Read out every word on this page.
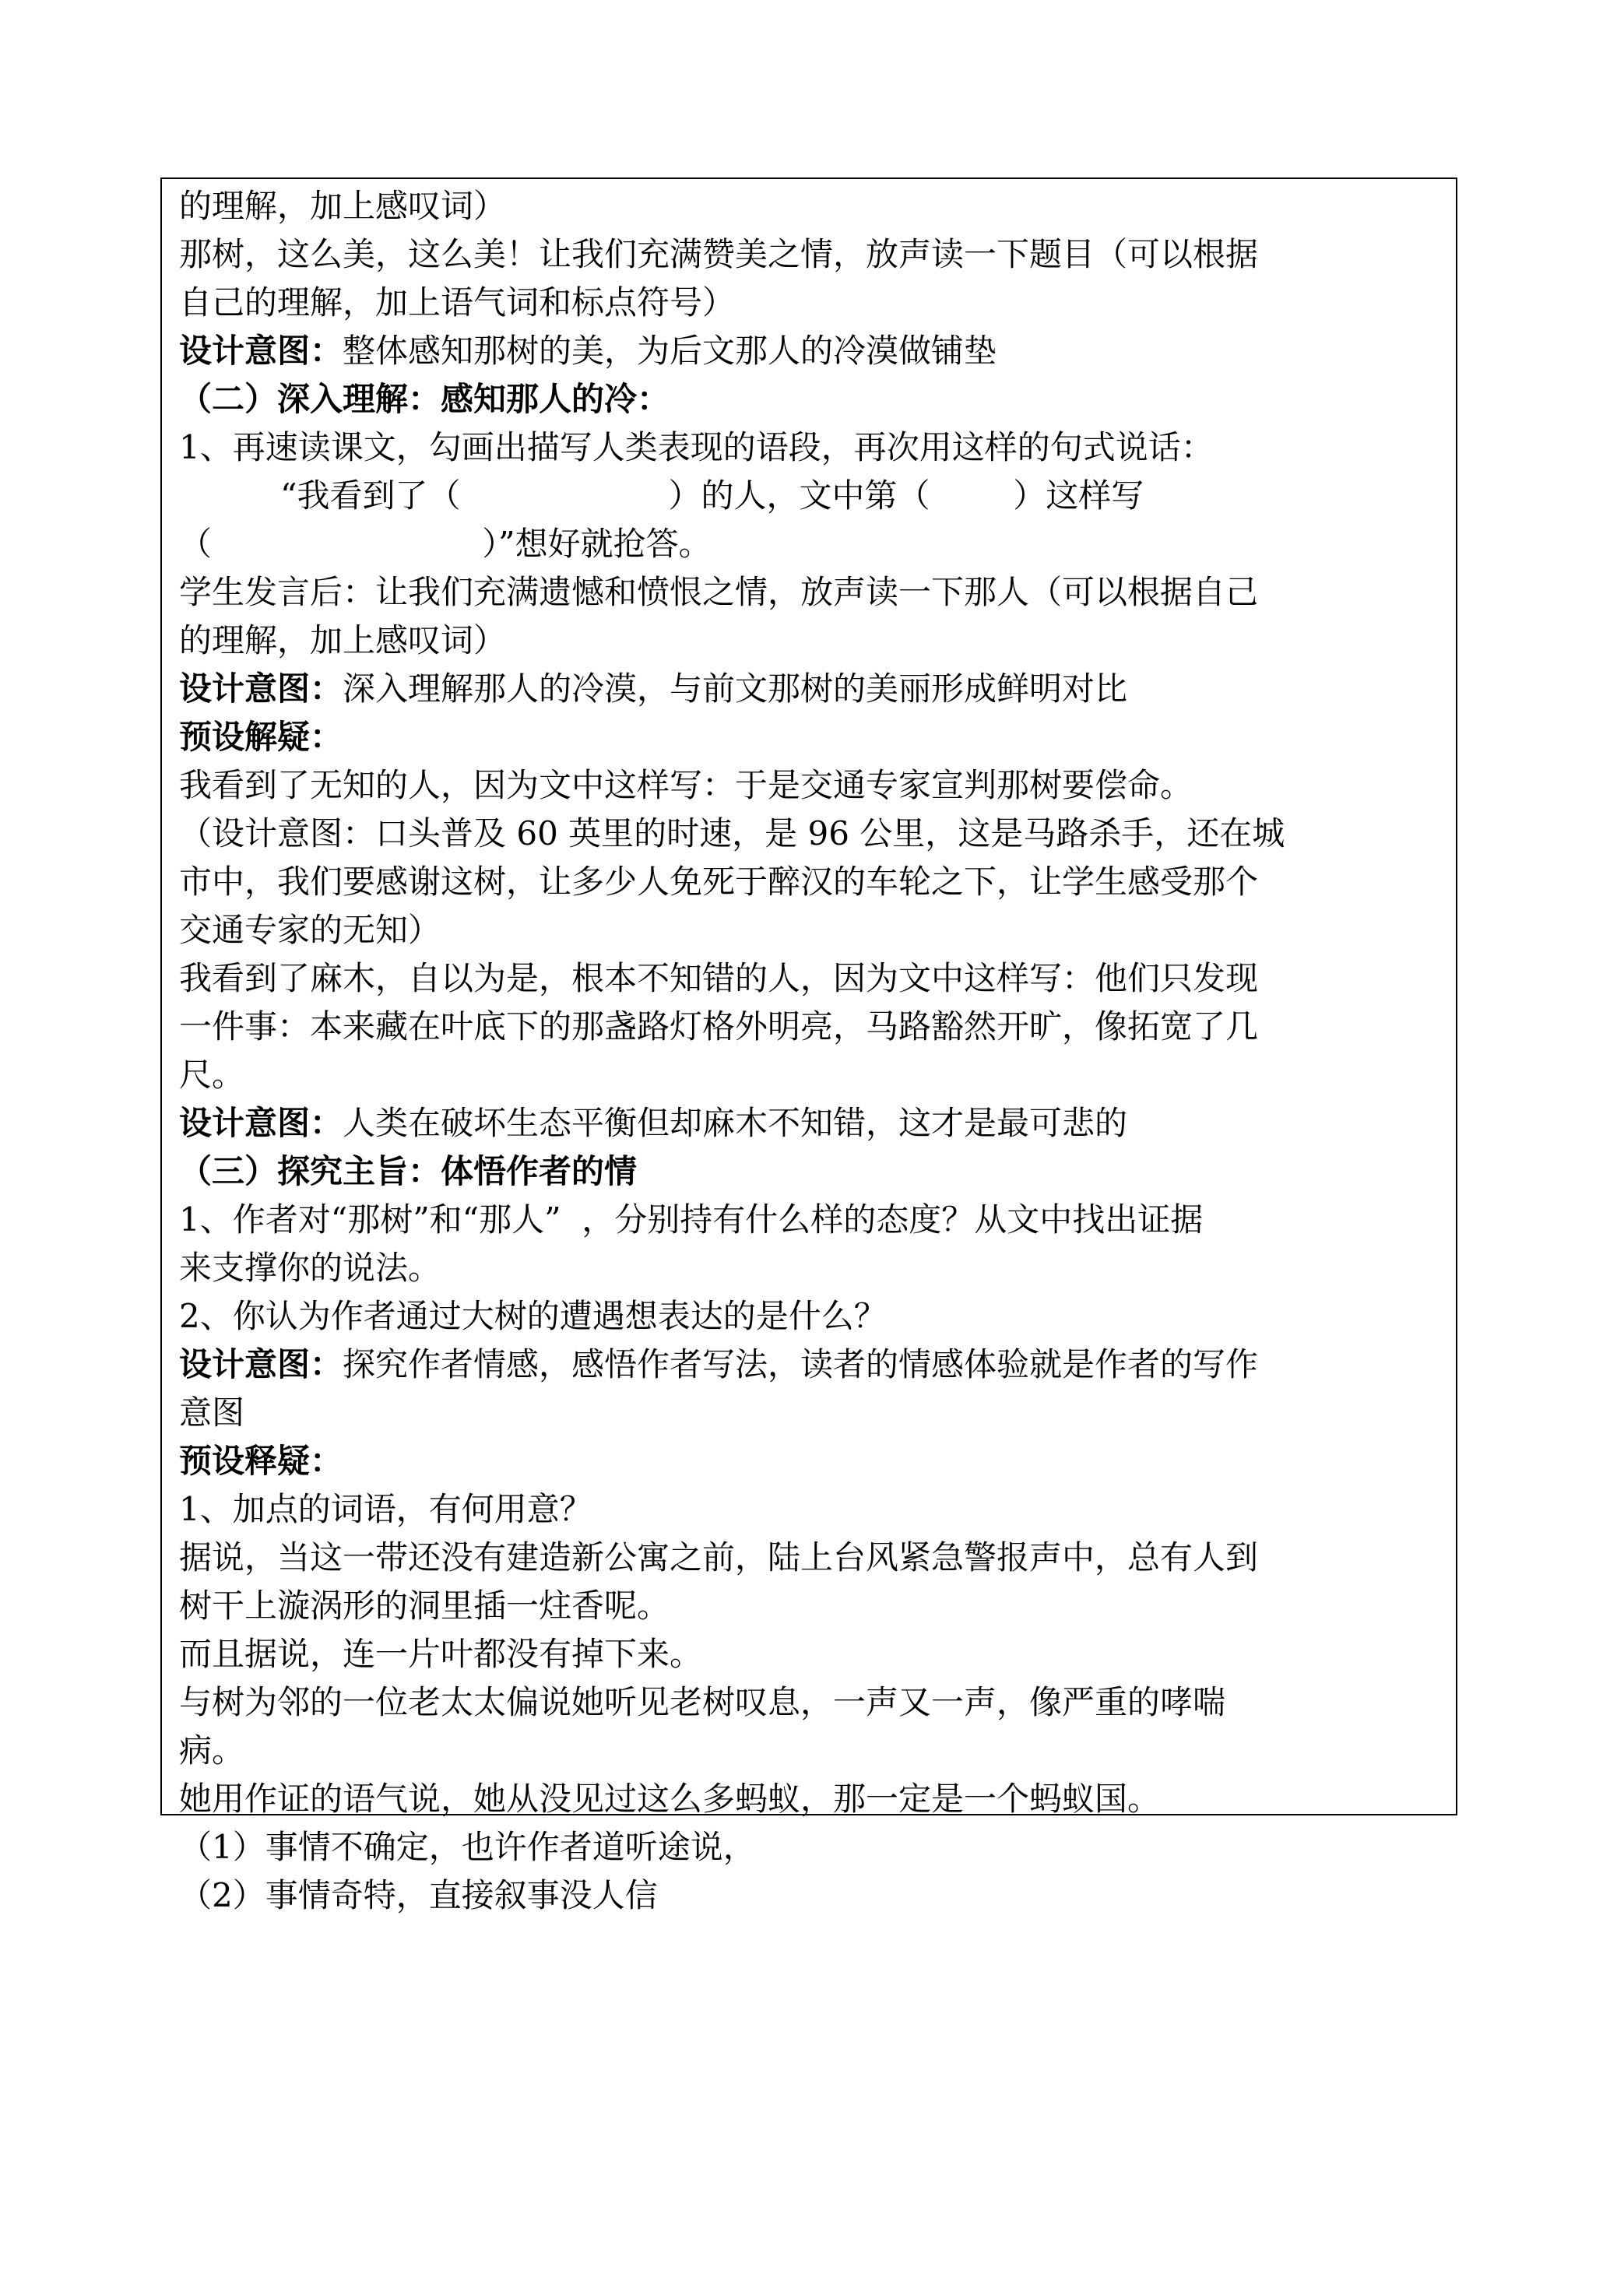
的理解，加上感叹词）
那树，这么美，这么美！让我们充满赞美之情，放声读一下题目（可以根据
自己的理解，加上语气词和标点符号）
设计意图：整体感知那树的美，为后文那人的冷漠做铺垫
（二）深入理解：感知那人的冷：
1、再速读课文，勾画出描写人类表现的语段，再次用这样的句式说话：
“我看到了（                    ）的人，文中第（        ）这样写
（                          ）”想好就抢答。
学生发言后：让我们充满遗憾和愤恨之情，放声读一下那人（可以根据自己
的理解，加上感叹词）
设计意图：深入理解那人的冷漠，与前文那树的美丽形成鲜明对比
预设解疑：
我看到了无知的人，因为文中这样写：于是交通专家宣判那树要偿命。
（设计意图：口头普及 60 英里的时速，是 96 公里，这是马路杀手，还在城
市中，我们要感谢这树，让多少人免死于醉汉的车轮之下，让学生感受那个
交通专家的无知）
我看到了麻木，自以为是，根本不知错的人，因为文中这样写：他们只发现
一件事：本来藏在叶底下的那盏路灯格外明亮，马路豁然开旷，像拓宽了几
尺。
设计意图：人类在破坏生态平衡但却麻木不知错，这才是最可悲的
（三）探究主旨：体悟作者的情
1、作者对“那树”和“那人”  ，分别持有什么样的态度？从文中找出证据
来支撑你的说法。
2、你认为作者通过大树的遭遇想表达的是什么？
设计意图：探究作者情感，感悟作者写法，读者的情感体验就是作者的写作
意图
预设释疑：
1、加点的词语，有何用意？
据说，当这一带还没有建造新公寓之前，陆上台风紧急警报声中，总有人到
树干上漩涡形的洞里插一炷香呢。
而且据说，连一片叶都没有掉下来。
与树为邻的一位老太太偏说她听见老树叹息，一声又一声，像严重的哮喘
病。
她用作证的语气说，她从没见过这么多蚂蚁，那一定是一个蚂蚁国。
（1）事情不确定，也许作者道听途说，
（2）事情奇特，直接叙事没人信
